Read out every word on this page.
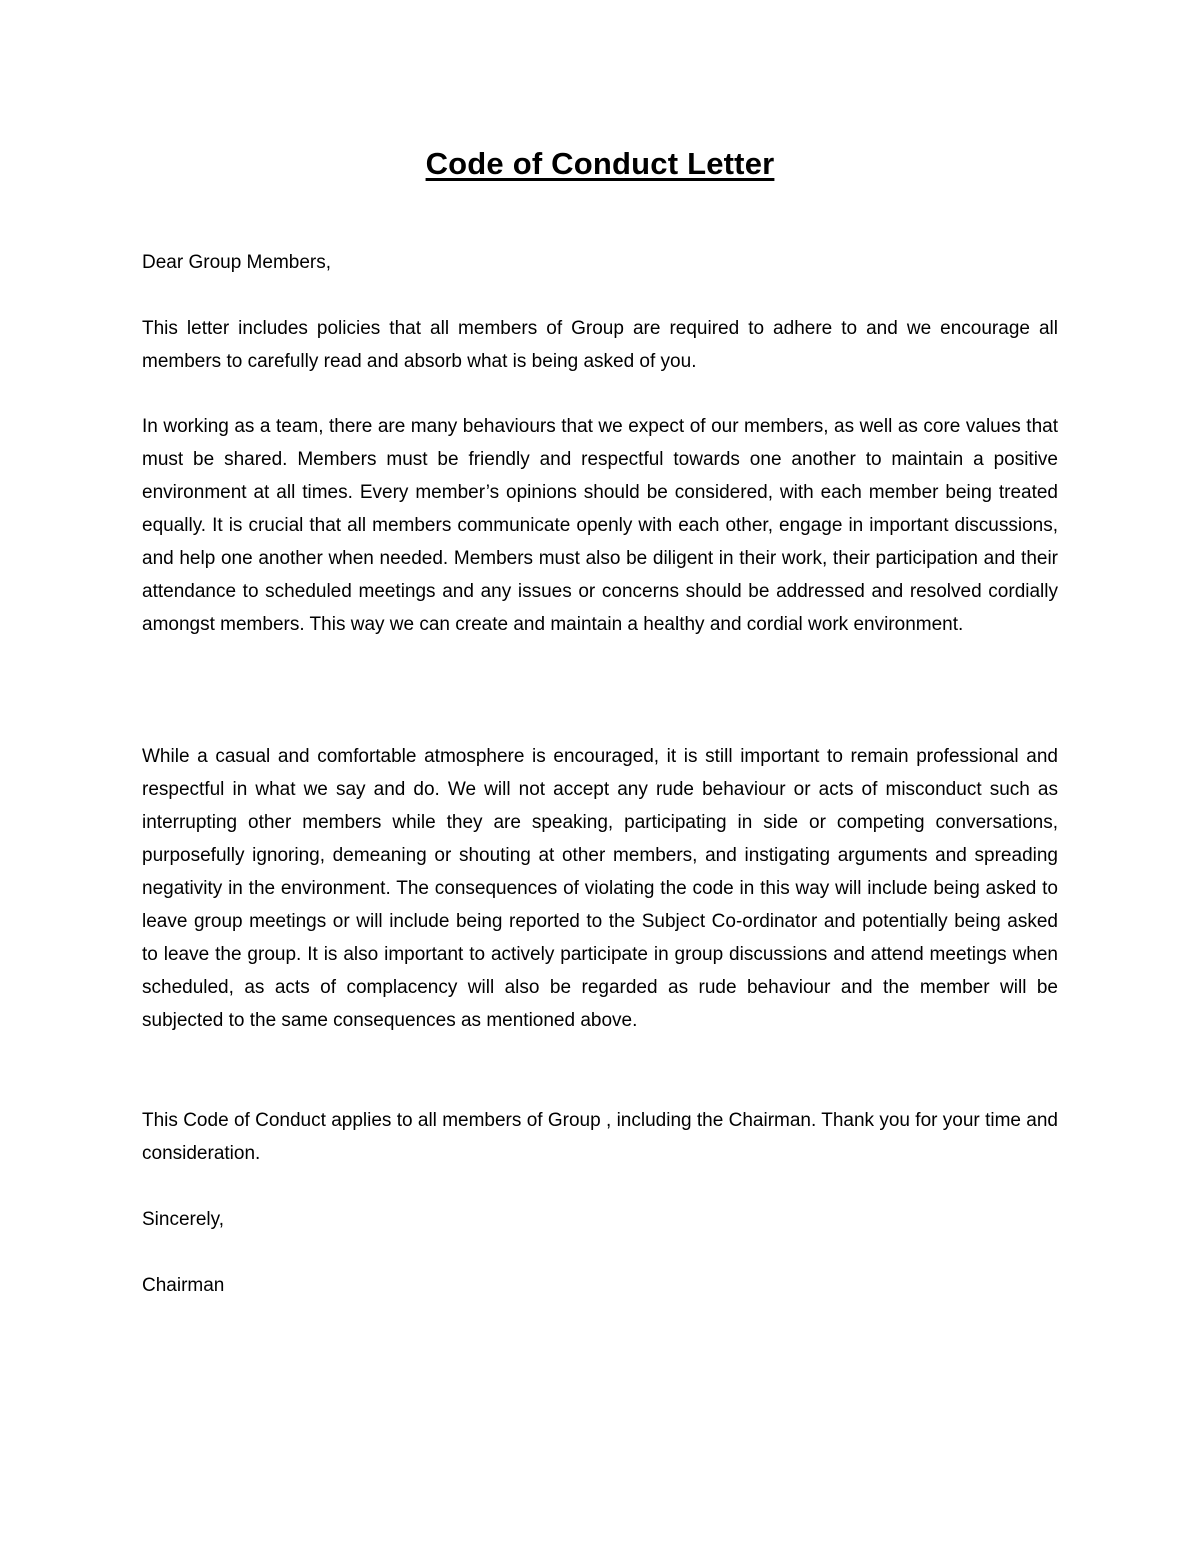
Code of Conduct Letter

Dear Group Members,

This letter includes policies that all members of Group are required to adhere to and we encourage all members to carefully read and absorb what is being asked of you.

In working as a team, there are many behaviours that we expect of our members, as well as core values that must be shared. Members must be friendly and respectful towards one another to maintain a positive environment at all times. Every member’s opinions should be considered, with each member being treated equally. It is crucial that all members communicate openly with each other, engage in important discussions, and help one another when needed. Members must also be diligent in their work, their participation and their attendance to scheduled meetings and any issues or concerns should be addressed and resolved cordially amongst members. This way we can create and maintain a healthy and cordial work environment.

While a casual and comfortable atmosphere is encouraged, it is still important to remain professional and respectful in what we say and do. We will not accept any rude behaviour or acts of misconduct such as interrupting other members while they are speaking, participating in side or competing conversations, purposefully ignoring, demeaning or shouting at other members, and instigating arguments and spreading negativity in the environment. The consequences of violating the code in this way will include being asked to leave group meetings or will include being reported to the Subject Co-ordinator and potentially being asked to leave the group. It is also important to actively participate in group discussions and attend meetings when scheduled, as acts of complacency will also be regarded as rude behaviour and the member will be subjected to the same consequences as mentioned above.

This Code of Conduct applies to all members of Group , including the Chairman. Thank you for your time and consideration.

Sincerely,

Chairman
